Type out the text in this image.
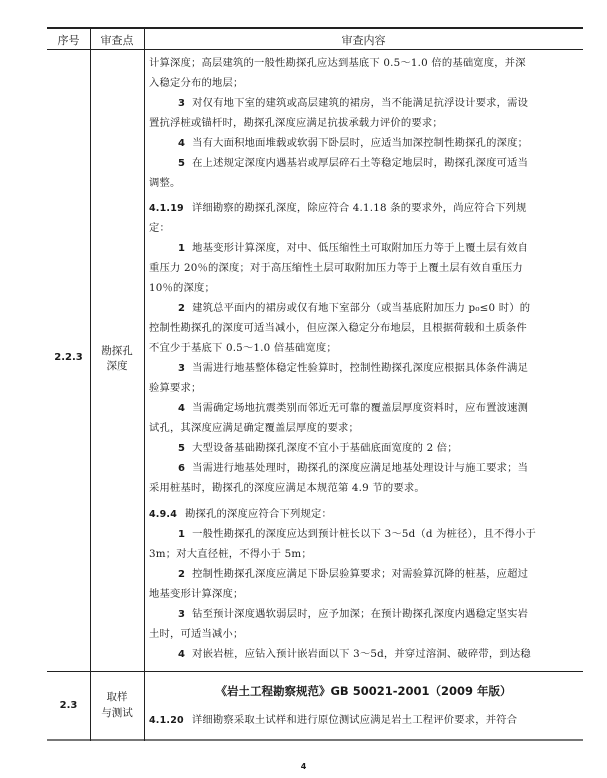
序号	审查点	审查内容
2.2.3
勘探孔
深度
计算深度；高层建筑的一般性勘探孔应达到基底下 0.5～1.0 倍的基础宽度，并深
入稳定分布的地层；
3 对仅有地下室的建筑或高层建筑的裙房，当不能满足抗浮设计要求，需设
置抗浮桩或锚杆时，勘探孔深度应满足抗拔承载力评价的要求；
4 当有大面积地面堆载或软弱下卧层时，应适当加深控制性勘探孔的深度；
5 在上述规定深度内遇基岩或厚层碎石土等稳定地层时，勘探孔深度可适当
调整。
4.1.19 详细勘察的勘探孔深度，除应符合 4.1.18 条的要求外，尚应符合下列规
定：
1 地基变形计算深度，对中、低压缩性土可取附加压力等于上覆土层有效自
重压力 20％的深度；对于高压缩性土层可取附加压力等于上覆土层有效自重压力
10％的深度；
2 建筑总平面内的裙房或仅有地下室部分（或当基底附加压力 p₀≤0 时）的
控制性勘探孔的深度可适当减小，但应深入稳定分布地层，且根据荷载和土质条件
不宜少于基底下 0.5～1.0 倍基础宽度；
3 当需进行地基整体稳定性验算时，控制性勘探孔深度应根据具体条件满足
验算要求；
4 当需确定场地抗震类别而邻近无可靠的覆盖层厚度资料时，应布置波速测
试孔，其深度应满足确定覆盖层厚度的要求；
5 大型设备基础勘探孔深度不宜小于基础底面宽度的 2 倍；
6 当需进行地基处理时，勘探孔的深度应满足地基处理设计与施工要求；当
采用桩基时，勘探孔的深度应满足本规范第 4.9 节的要求。
4.9.4 勘探孔的深度应符合下列规定：
1 一般性勘探孔的深度应达到预计桩长以下 3～5d（d 为桩径），且不得小于
3m；对大直径桩，不得小于 5m；
2 控制性勘探孔深度应满足下卧层验算要求；对需验算沉降的桩基，应超过
地基变形计算深度；
3 钻至预计深度遇软弱层时，应予加深；在预计勘探孔深度内遇稳定坚实岩
土时，可适当减小；
4 对嵌岩桩，应钻入预计嵌岩面以下 3～5d，并穿过溶洞、破碎带，到达稳
2.3
取样
与测试
《岩土工程勘察规范》GB 50021-2001（2009 年版）
4.1.20 详细勘察采取土试样和进行原位测试应满足岩土工程评价要求，并符合
4
